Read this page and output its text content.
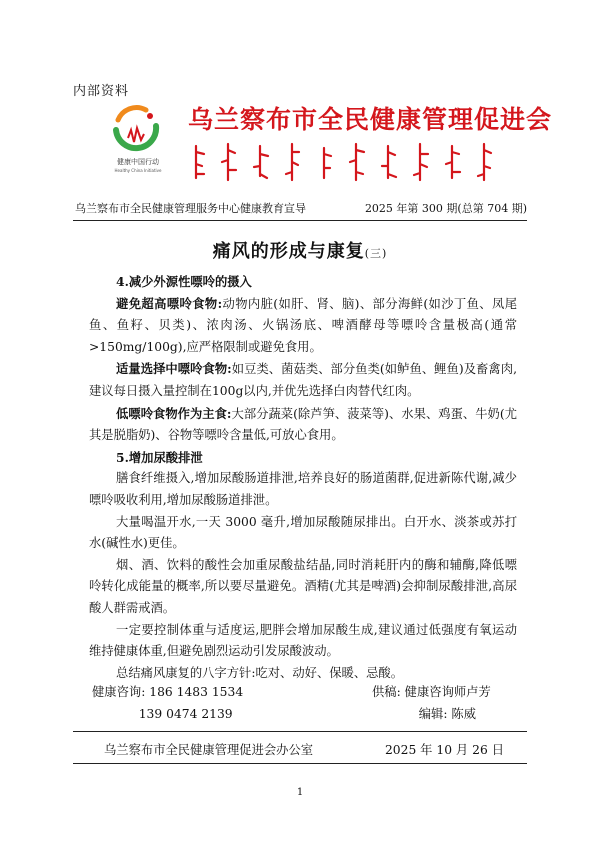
内部资料
健康中国行动
Healthy China Initiative
乌兰察布市全民健康管理促进会
乌兰察布市全民健康管理服务中心健康教育宣导	2025 年第 300 期(总第 704 期)
痛风的形成与康复(三)
4.减少外源性嘌呤的摄入

避免超高嘌呤食物:动物内脏(如肝、肾、脑)、部分海鲜(如沙丁鱼、凤尾鱼、鱼籽、贝类)、浓肉汤、火锅汤底、啤酒酵母等嘌呤含量极高(通常>150mg/100g),应严格限制或避免食用。

适量选择中嘌呤食物:如豆类、菌菇类、部分鱼类(如鲈鱼、鲤鱼)及畜禽肉,建议每日摄入量控制在100g以内,并优先选择白肉替代红肉。

低嘌呤食物作为主食:大部分蔬菜(除芦笋、菠菜等)、水果、鸡蛋、牛奶(尤其是脱脂奶)、谷物等嘌呤含量低,可放心食用。

5.增加尿酸排泄

膳食纤维摄入,增加尿酸肠道排泄,培养良好的肠道菌群,促进新陈代谢,减少嘌呤吸收利用,增加尿酸肠道排泄。

大量喝温开水,一天 3000 毫升,增加尿酸随尿排出。白开水、淡茶或苏打水(碱性水)更佳。

烟、酒、饮料的酸性会加重尿酸盐结晶,同时消耗肝内的酶和辅酶,降低嘌呤转化成能量的概率,所以要尽量避免。酒精(尤其是啤酒)会抑制尿酸排泄,高尿酸人群需戒酒。

一定要控制体重与适度运,肥胖会增加尿酸生成,建议通过低强度有氧运动维持健康体重,但避免剧烈运动引发尿酸波动。

总结痛风康复的八字方针:吃对、动好、保暖、忌酸。

健康咨询: 186 1483 1534	供稿: 健康咨询师卢芳
139 0474 2139	编辑: 陈威
乌兰察布市全民健康管理促进会办公室	2025 年 10 月 26 日
1
